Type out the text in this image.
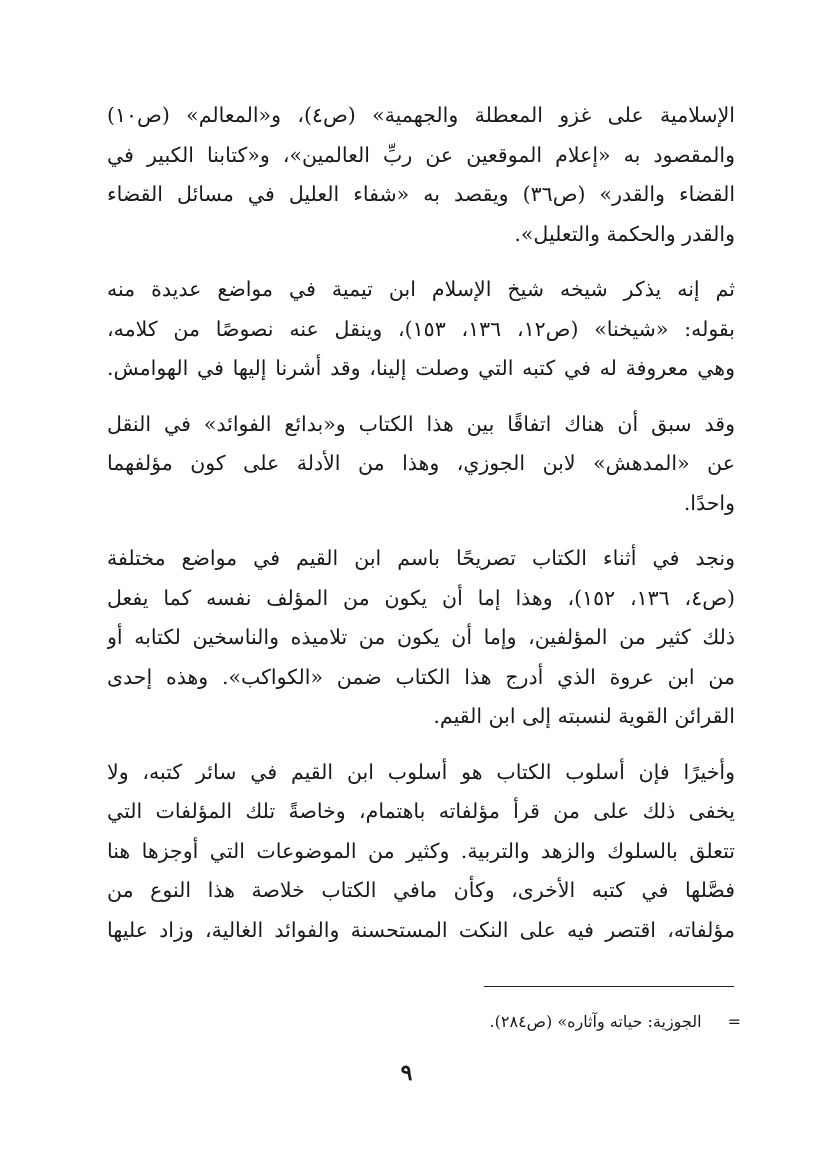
الإسلامية على غزو المعطلة والجهمية» (ص٤)، و«المعالم» (ص١٠)
والمقصود به «إعلام الموقعين عن ربِّ العالمين»، و«كتابنا الكبير في
القضاء والقدر» (ص٣٦) ويقصد به «شفاء العليل في مسائل القضاء
والقدر والحكمة والتعليل».

ثم إنه يذكر شيخه شيخ الإسلام ابن تيمية في مواضع عديدة منه
بقوله: «شيخنا» (ص١٢، ١٣٦، ١٥٣)، وينقل عنه نصوصًا من كلامه،
وهي معروفة له في كتبه التي وصلت إلينا، وقد أشرنا إليها في الهوامش.

وقد سبق أن هناك اتفاقًا بين هذا الكتاب و«بدائع الفوائد» في النقل
عن «المدهش» لابن الجوزي، وهذا من الأدلة على كون مؤلفهما
واحدًا.

ونجد في أثناء الكتاب تصريحًا باسم ابن القيم في مواضع مختلفة
(ص٤، ١٣٦، ١٥٢)، وهذا إما أن يكون من المؤلف نفسه كما يفعل
ذلك كثير من المؤلفين، وإما أن يكون من تلاميذه والناسخين لكتابه أو
من ابن عروة الذي أدرج هذا الكتاب ضمن «الكواكب». وهذه إحدى
القرائن القوية لنسبته إلى ابن القيم.

وأخيرًا فإن أسلوب الكتاب هو أسلوب ابن القيم في سائر كتبه، ولا
يخفى ذلك على من قرأ مؤلفاته باهتمام، وخاصةً تلك المؤلفات التي
تتعلق بالسلوك والزهد والتربية. وكثير من الموضوعات التي أوجزها هنا
فصَّلها في كتبه الأخرى، وكأن مافي الكتاب خلاصة هذا النوع من
مؤلفاته، اقتصر فيه على النكت المستحسنة والفوائد الغالية، وزاد عليها

=
الجوزية: حياته وآثاره» (ص٢٨٤).
٩
